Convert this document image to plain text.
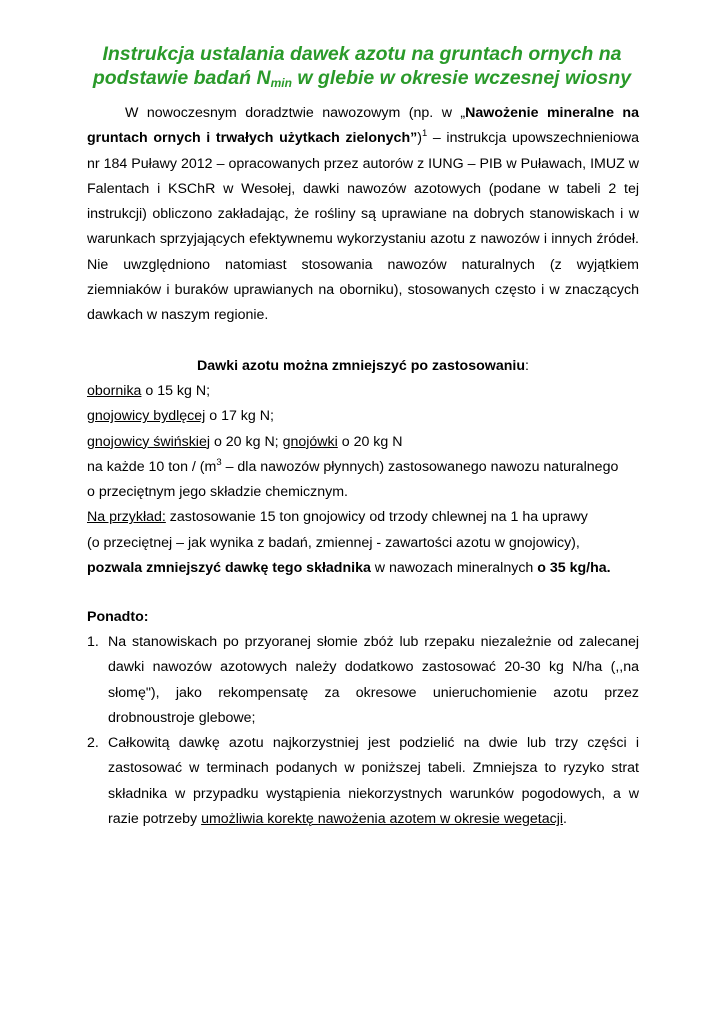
Instrukcja ustalania dawek azotu na gruntach ornych na
podstawie badań $N_{min}$ w glebie w okresie wczesnej wiosny
W nowoczesnym doradztwie nawozowym (np. w „Nawożenie mineralne na gruntach ornych i trwałych użytkach zielonych”)$^1$ – instrukcja upowszechnieniowa nr 184 Puławy 2012 – opracowanych przez autorów z IUNG – PIB w Puławach, IMUZ w Falentach i KSChR w Wesołej, dawki nawozów azotowych (podane w tabeli 2 tej instrukcji) obliczono zakładając, że rośliny są uprawiane na dobrych stanowiskach i w warunkach sprzyjających efektywnemu wykorzystaniu azotu z nawozów i innych źródeł. Nie uwzględniono natomiast stosowania nawozów naturalnych (z wyjątkiem ziemniaków i buraków uprawianych na oborniku), stosowanych często i w znaczących dawkach w naszym regionie.
Dawki azotu można zmniejszyć po zastosowaniu:
obornika o 15 kg N;
gnojowicy bydlęcej o 17 kg N;
gnojowicy świńskiej o 20 kg N; gnojówki o 20 kg N
na każde 10 ton / ($m^3$ – dla nawozów płynnych) zastosowanego nawozu naturalnego
o przeciętnym jego składzie chemicznym.
Na przykład: zastosowanie 15 ton gnojowicy od trzody chlewnej na 1 ha uprawy
(o przeciętnej – jak wynika z badań, zmiennej - zawartości azotu w gnojowicy),
pozwala zmniejszyć dawkę tego składnika w nawozach mineralnych o 35 kg/ha.
Ponadto:
1. Na stanowiskach po przyoranej słomie zbóż lub rzepaku niezależnie od zalecanej dawki nawozów azotowych należy dodatkowo zastosować 20-30 kg N/ha (,,na słomę"), jako rekompensatę za okresowe unieruchomienie azotu przez drobnoustroje glebowe;
2. Całkowitą dawkę azotu najkorzystniej jest podzielić na dwie lub trzy części i zastosować w terminach podanych w poniższej tabeli. Zmniejsza to ryzyko strat składnika w przypadku wystąpienia niekorzystnych warunków pogodowych, a w razie potrzeby umożliwia korektę nawożenia azotem w okresie wegetacji.
